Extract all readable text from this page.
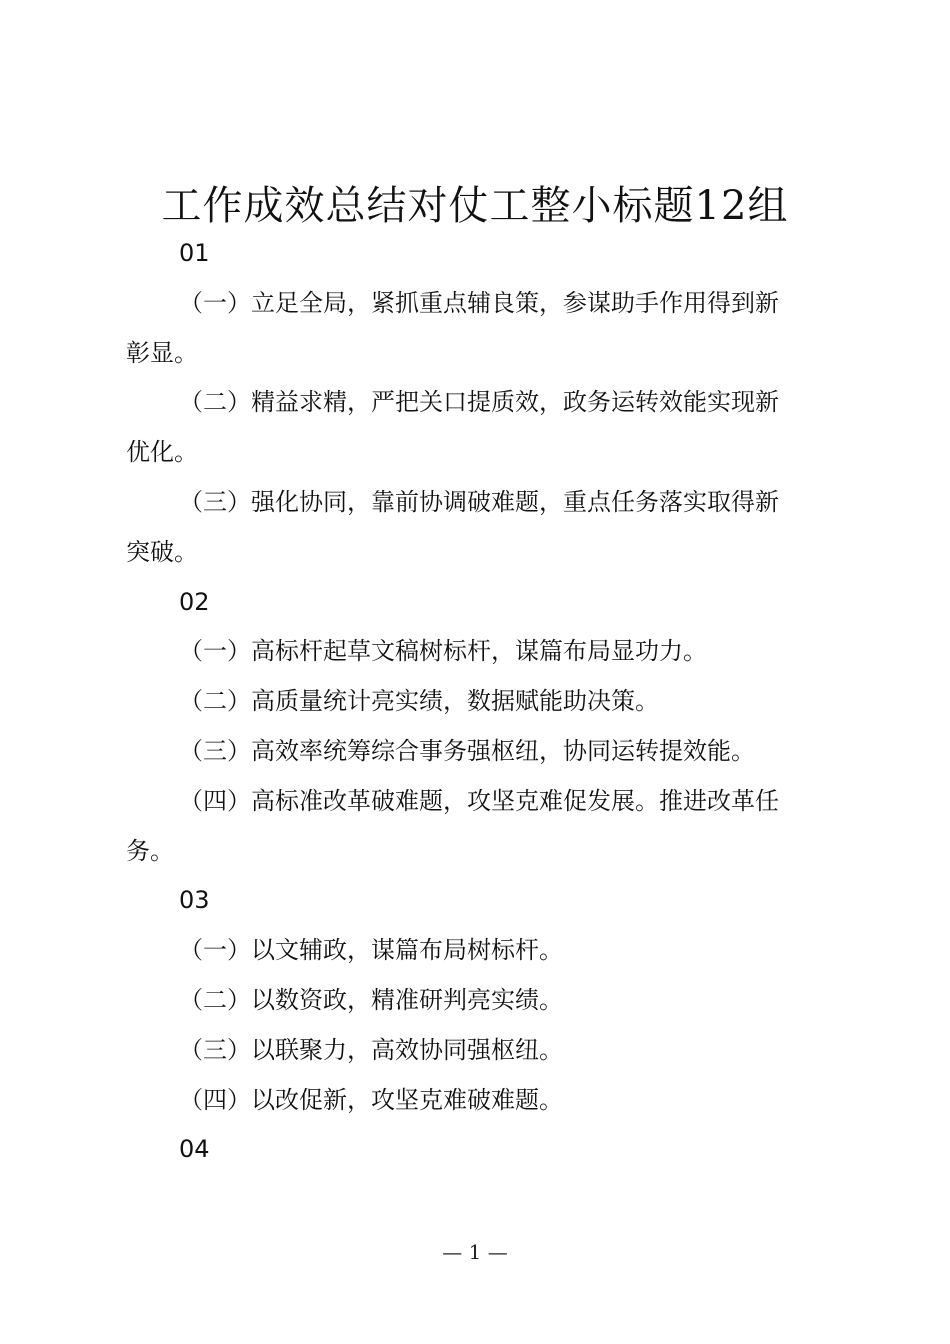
工作成效总结对仗工整小标题12组

01

（一）立足全局，紧抓重点辅良策，参谋助手作用得到新

彰显。

（二）精益求精，严把关口提质效，政务运转效能实现新

优化。

（三）强化协同，靠前协调破难题，重点任务落实取得新

突破。

02

（一）高标杆起草文稿树标杆，谋篇布局显功力。

（二）高质量统计亮实绩，数据赋能助决策。

（三）高效率统筹综合事务强枢纽，协同运转提效能。

（四）高标准改革破难题，攻坚克难促发展。推进改革任

务。

03

（一）以文辅政，谋篇布局树标杆。

（二）以数资政，精准研判亮实绩。

（三）以联聚力，高效协同强枢纽。

（四）以改促新，攻坚克难破难题。

04

— 1 —
